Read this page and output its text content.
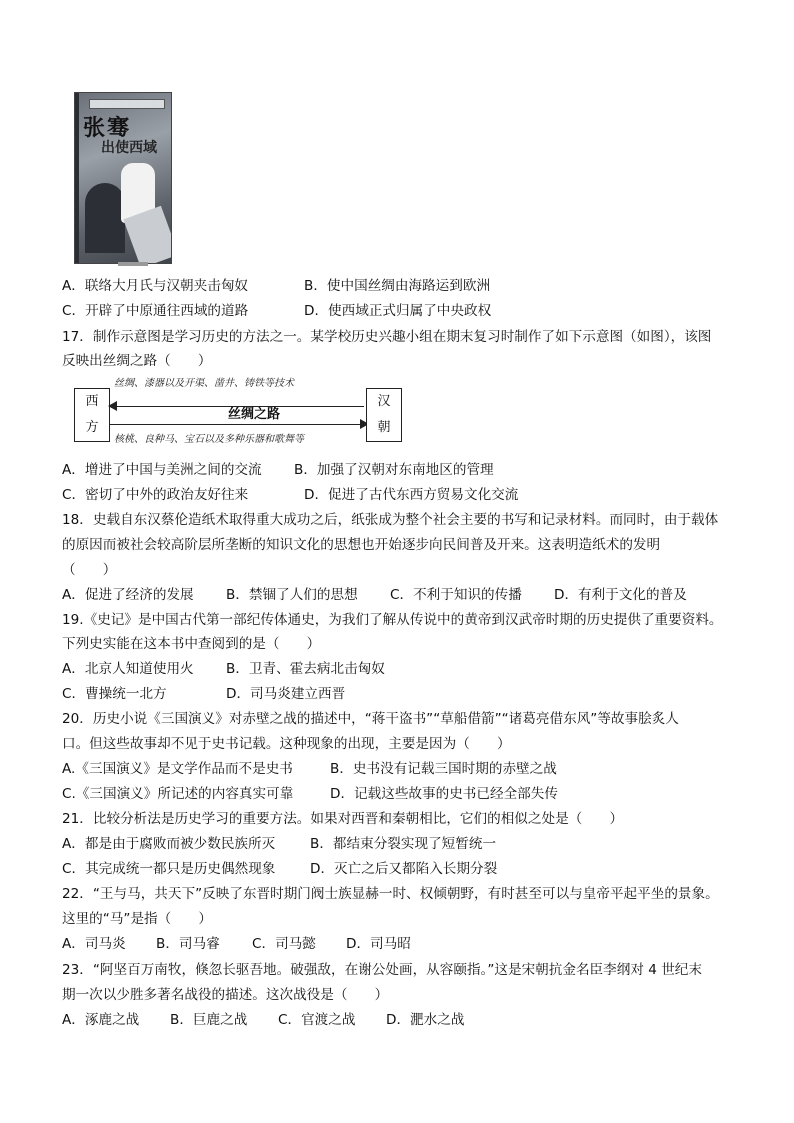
张骞
出使西域
A．联络大月氏与汉朝夹击匈奴	B．使中国丝绸由海路运到欧洲
C．开辟了中原通往西域的道路	D．使西域正式归属了中央政权
17．制作示意图是学习历史的方法之一。某学校历史兴趣小组在期末复习时制作了如下示意图（如图），该图
反映出丝绸之路（　　）
丝绸、漆器以及开渠、凿井、铸铁等技术
西
方
丝绸之路
汉
朝
核桃、良种马、宝石以及多种乐器和歌舞等
A．增进了中国与美洲之间的交流 B．加强了汉朝对东南地区的管理
C．密切了中外的政治友好往来	D．促进了古代东西方贸易文化交流
18．史载自东汉蔡伦造纸术取得重大成功之后，纸张成为整个社会主要的书写和记录材料。而同时，由于载体
的原因而被社会较高阶层所垄断的知识文化的思想也开始逐步向民间普及开来。这表明造纸术的发明
（　　）
A．促进了经济的发展 B．禁锢了人们的思想 C．不利于知识的传播 D．有利于文化的普及
19.《史记》是中国古代第一部纪传体通史，为我们了解从传说中的黄帝到汉武帝时期的历史提供了重要资料。
下列史实能在这本书中查阅到的是（　　）
A．北京人知道使用火 B．卫青、霍去病北击匈奴
C．曹操统一北方	D．司马炎建立西晋
20．历史小说《三国演义》对赤壁之战的描述中，“蒋干盗书”“草船借箭”“诸葛亮借东风”等故事脍炙人
口。但这些故事却不见于史书记载。这种现象的出现，主要是因为（　　）
A.《三国演义》是文学作品而不是史书	B．史书没有记载三国时期的赤壁之战
C.《三国演义》所记述的内容真实可靠	D．记载这些故事的史书已经全部失传
21．比较分析法是历史学习的重要方法。如果对西晋和秦朝相比，它们的相似之处是（　　）
A．都是由于腐败而被少数民族所灭	B．都结束分裂实现了短暂统一
C．其完成统一都只是历史偶然现象	D．灭亡之后又都陷入长期分裂
22．“王与马，共天下”反映了东晋时期门阀士族显赫一时、权倾朝野，有时甚至可以与皇帝平起平坐的景象。
这里的“马”是指（　　）
A．司马炎 B．司马睿 C．司马懿 D．司马昭
23．“阿坚百万南牧，倏忽长驱吾地。破强敌，在谢公处画，从容颐指。”这是宋朝抗金名臣李纲对 4 世纪末
期一次以少胜多著名战役的描述。这次战役是（　　）
A．涿鹿之战 B．巨鹿之战 C．官渡之战 D．淝水之战
